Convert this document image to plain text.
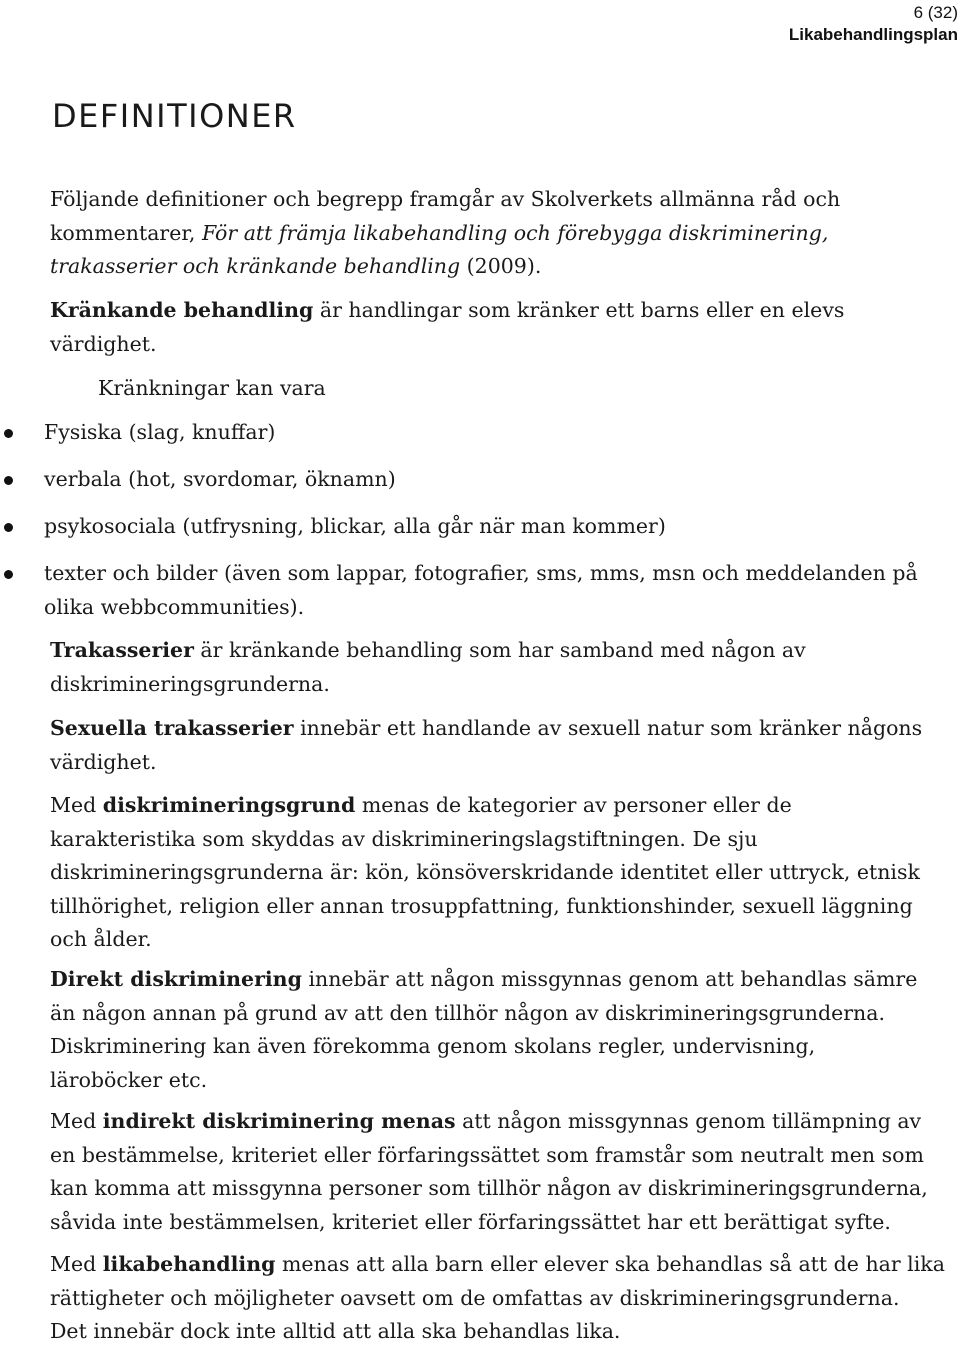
6 (32)
Likabehandlingsplan
DEFINITIONER
Följande definitioner och begrepp framgår av Skolverkets allmänna råd och
kommentarer, För att främja likabehandling och förebygga diskriminering,
trakasserier och kränkande behandling (2009).
Kränkande behandling är handlingar som kränker ett barns eller en elevs
värdighet.
Kränkningar kan vara
Fysiska (slag, knuffar)
verbala (hot, svordomar, öknamn)
psykosociala (utfrysning, blickar, alla går när man kommer)
texter och bilder (även som lappar, fotografier, sms, mms, msn och meddelanden på
olika webbcommunities).
Trakasserier är kränkande behandling som har samband med någon av
diskrimineringsgrunderna.
Sexuella trakasserier innebär ett handlande av sexuell natur som kränker någons
värdighet.
Med diskrimineringsgrund menas de kategorier av personer eller de
karakteristika som skyddas av diskrimineringslagstiftningen. De sju
diskrimineringsgrunderna är: kön, könsöverskridande identitet eller uttryck, etnisk
tillhörighet, religion eller annan trosuppfattning, funktionshinder, sexuell läggning
och ålder.
Direkt diskriminering innebär att någon missgynnas genom att behandlas sämre
än någon annan på grund av att den tillhör någon av diskrimineringsgrunderna.
Diskriminering kan även förekomma genom skolans regler, undervisning,
läroböcker etc.
Med indirekt diskriminering menas att någon missgynnas genom tillämpning av
en bestämmelse, kriteriet eller förfaringssättet som framstår som neutralt men som
kan komma att missgynna personer som tillhör någon av diskrimineringsgrunderna,
såvida inte bestämmelsen, kriteriet eller förfaringssättet har ett berättigat syfte.
Med likabehandling menas att alla barn eller elever ska behandlas så att de har lika
rättigheter och möjligheter oavsett om de omfattas av diskrimineringsgrunderna.
Det innebär dock inte alltid att alla ska behandlas lika.
